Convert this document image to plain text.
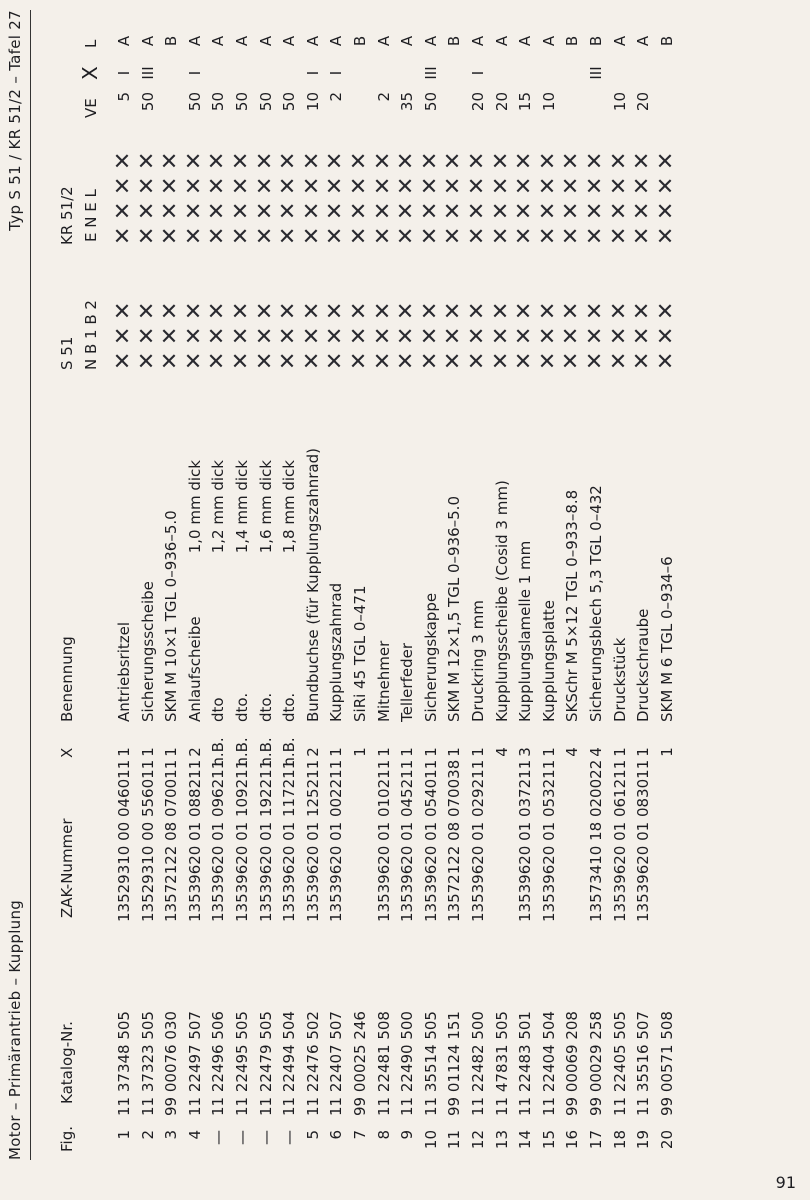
Motor – Primärantrieb – Kupplung
Typ S 51 / KR 51/2 – Tafel 27
Fig.
Katalog-Nr.
ZAK-Nummer
X
Benennung
S 51
KR 51/2
N B 1 B 2
E N E L
VE
X
L
1
11 37348 505
13529310 00 046011
1
Antriebsritzel
5
I
A
✕
✕
✕
✕
✕
✕
✕
2
11 37323 505
13529310 00 556011
1
Sicherungsscheibe
50
III
A
✕
✕
✕
✕
✕
✕
✕
3
99 00076 030
13572122 08 070011
1
SKM M 10×1 TGL 0–936–5.0
B
✕
✕
✕
✕
✕
✕
✕
4
11 22497 507
13539620 01 088211
2
Anlaufscheibe
1,0 mm dick
50
I
A
✕
✕
✕
✕
✕
✕
✕
—
11 22496 506
13539620 01 096211
n.B.
dto
1,2 mm dick
50
A
✕
✕
✕
✕
✕
✕
✕
—
11 22495 505
13539620 01 109211
n.B.
dto.
1,4 mm dick
50
A
✕
✕
✕
✕
✕
✕
✕
—
11 22479 505
13539620 01 192211
n.B.
dto.
1,6 mm dick
50
A
✕
✕
✕
✕
✕
✕
✕
—
11 22494 504
13539620 01 117211
n.B.
dto.
1,8 mm dick
50
A
✕
✕
✕
✕
✕
✕
✕
5
11 22476 502
13539620 01 125211
2
Bundbuchse (für Kupplungszahnrad)
10
I
A
✕
✕
✕
✕
✕
✕
✕
6
11 22407 507
13539620 01 002211
1
Kupplungszahnrad
2
I
A
✕
✕
✕
✕
✕
✕
✕
7
99 00025 246
1
SiRi 45 TGL 0–471
B
✕
✕
✕
✕
✕
✕
✕
8
11 22481 508
13539620 01 010211
1
Mitnehmer
2
A
✕
✕
✕
✕
✕
✕
✕
9
11 22490 500
13539620 01 045211
1
Tellerfeder
35
A
✕
✕
✕
✕
✕
✕
✕
10
11 35514 505
13539620 01 054011
1
Sicherungskappe
50
III
A
✕
✕
✕
✕
✕
✕
✕
11
99 01124 151
13572122 08 070038
1
SKM M 12×1,5 TGL 0–936–5.0
B
✕
✕
✕
✕
✕
✕
✕
12
11 22482 500
13539620 01 029211
1
Druckring 3 mm
20
I
A
✕
✕
✕
✕
✕
✕
✕
13
11 47831 505
4
Kupplungsscheibe (Cosid 3 mm)
20
A
✕
✕
✕
✕
✕
✕
✕
14
11 22483 501
13539620 01 037211
3
Kupplungslamelle 1 mm
15
A
✕
✕
✕
✕
✕
✕
✕
15
11 22404 504
13539620 01 053211
1
Kupplungsplatte
10
A
✕
✕
✕
✕
✕
✕
✕
16
99 00069 208
4
SKSchr M 5×12 TGL 0–933–8.8
B
✕
✕
✕
✕
✕
✕
✕
17
99 00029 258
13573410 18 020022
4
Sicherungsblech 5,3 TGL 0–432
III
B
✕
✕
✕
✕
✕
✕
✕
18
11 22405 505
13539620 01 061211
1
Druckstück
10
A
✕
✕
✕
✕
✕
✕
✕
19
11 35516 507
13539620 01 083011
1
Druckschraube
20
A
✕
✕
✕
✕
✕
✕
✕
20
99 00571 508
1
SKM M 6 TGL 0–934–6
B
✕
✕
✕
✕
✕
✕
✕
91
